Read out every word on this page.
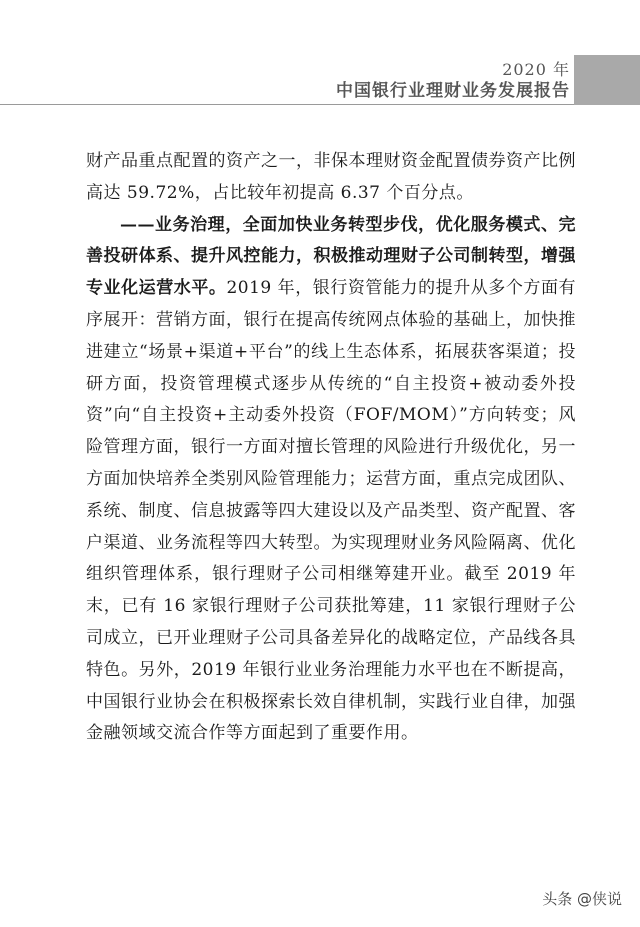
2020 年
中国银行业理财业务发展报告

财产品重点配置的资产之一，非保本理财资金配置债券资产比例高达 59.72%，占比较年初提高 6.37 个百分点。

——业务治理，全面加快业务转型步伐，优化服务模式、完善投研体系、提升风控能力，积极推动理财子公司制转型，增强专业化运营水平。2019 年，银行资管能力的提升从多个方面有序展开：营销方面，银行在提高传统网点体验的基础上，加快推进建立“场景+渠道+平台”的线上生态体系，拓展获客渠道；投研方面，投资管理模式逐步从传统的“自主投资+被动委外投资”向“自主投资+主动委外投资（FOF/MOM）”方向转变；风险管理方面，银行一方面对擅长管理的风险进行升级优化，另一方面加快培养全类别风险管理能力；运营方面，重点完成团队、系统、制度、信息披露等四大建设以及产品类型、资产配置、客户渠道、业务流程等四大转型。为实现理财业务风险隔离、优化组织管理体系，银行理财子公司相继筹建开业。截至 2019 年末，已有 16 家银行理财子公司获批筹建，11 家银行理财子公司成立，已开业理财子公司具备差异化的战略定位，产品线各具特色。另外，2019 年银行业业务治理能力水平也在不断提高，中国银行业协会在积极探索长效自律机制，实践行业自律，加强金融领域交流合作等方面起到了重要作用。

头条 @侠说
